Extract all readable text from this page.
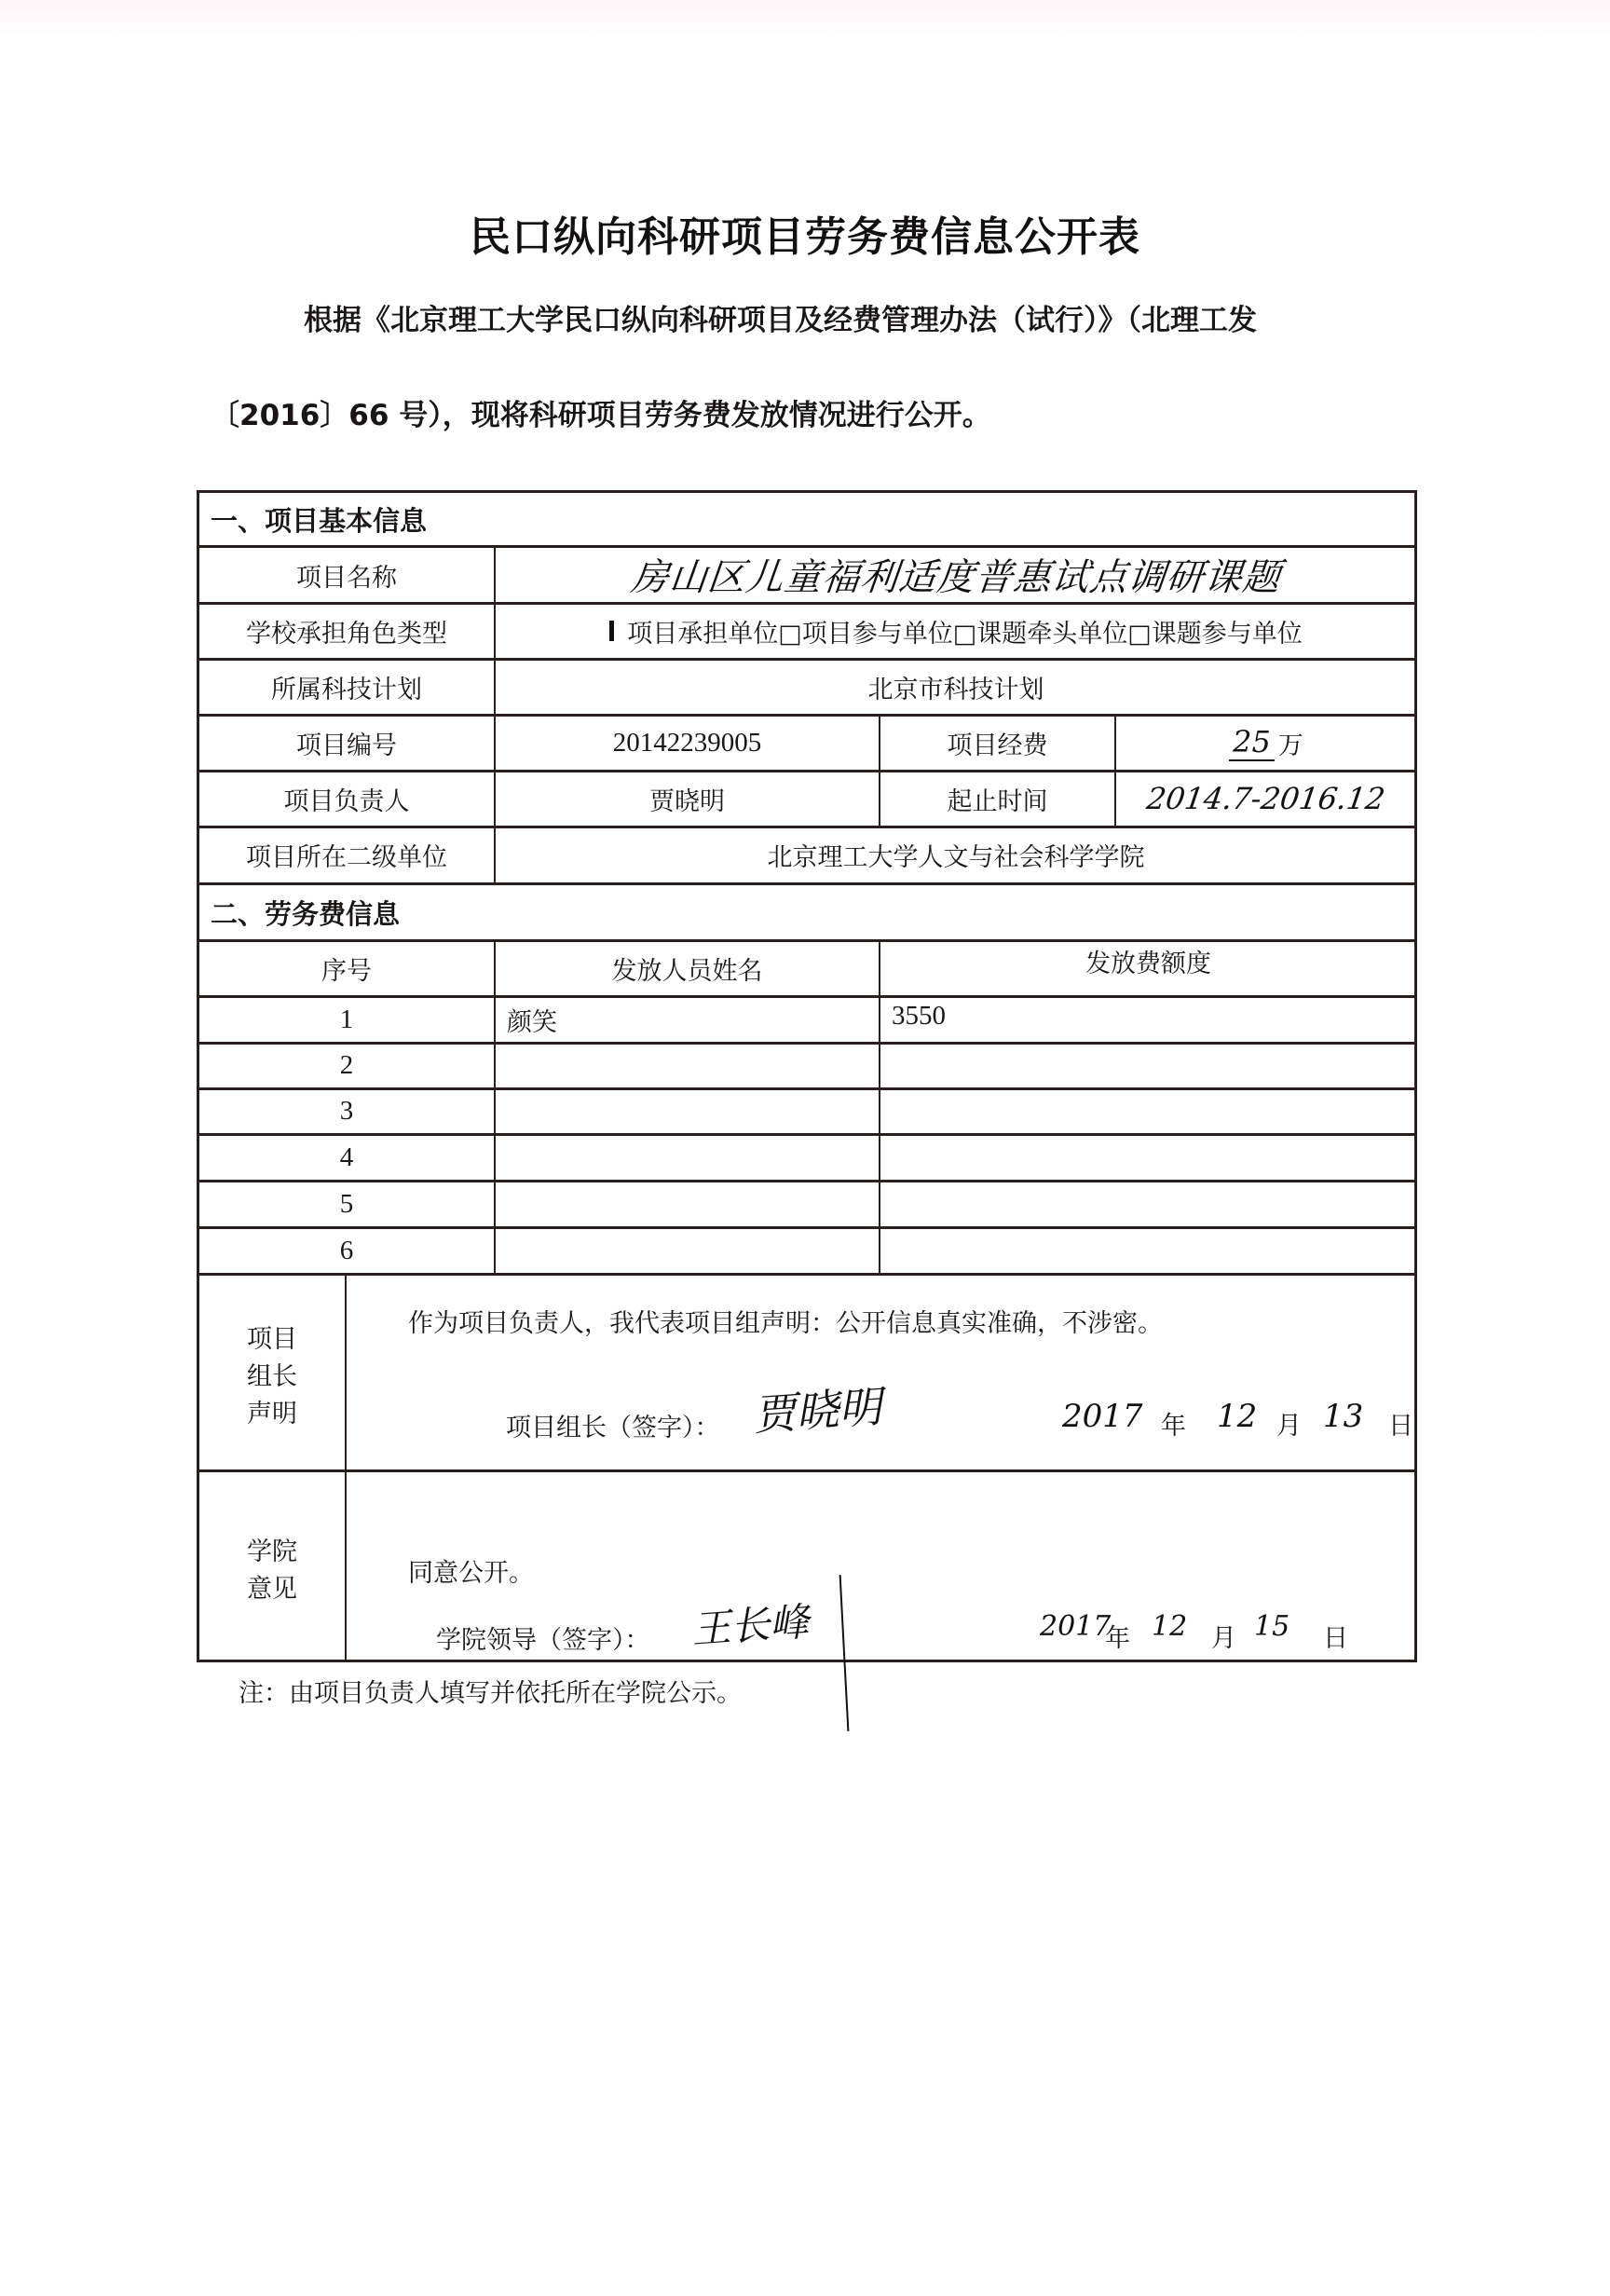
民口纵向科研项目劳务费信息公开表
根据《北京理工大学民口纵向科研项目及经费管理办法（试行）》（北理工发
〔2016〕66 号），现将科研项目劳务费发放情况进行公开。
一、项目基本信息
项目名称	房山区儿童福利适度普惠试点调研课题
学校承担角色类型	项目承担单位□项目参与单位□课题牵头单位□课题参与单位
所属科技计划	北京市科技计划
项目编号	20142239005	项目经费	25 万
项目负责人	贾晓明	起止时间	2014.7-2016.12
项目所在二级单位	北京理工大学人文与社会科学学院
二、劳务费信息
序号	发放人员姓名	发放费额度
1	颜笑	3550
2
3
4
5
6
项目
组长
声明
作为项目负责人，我代表项目组声明：公开信息真实准确，不涉密。
项目组长（签字）： 贾晓明	2017 年 12 月 13 日
学院
意见
同意公开。
学院领导（签字）： 王长峰	2017
年 12 月 15 日
注：由项目负责人填写并依托所在学院公示。
